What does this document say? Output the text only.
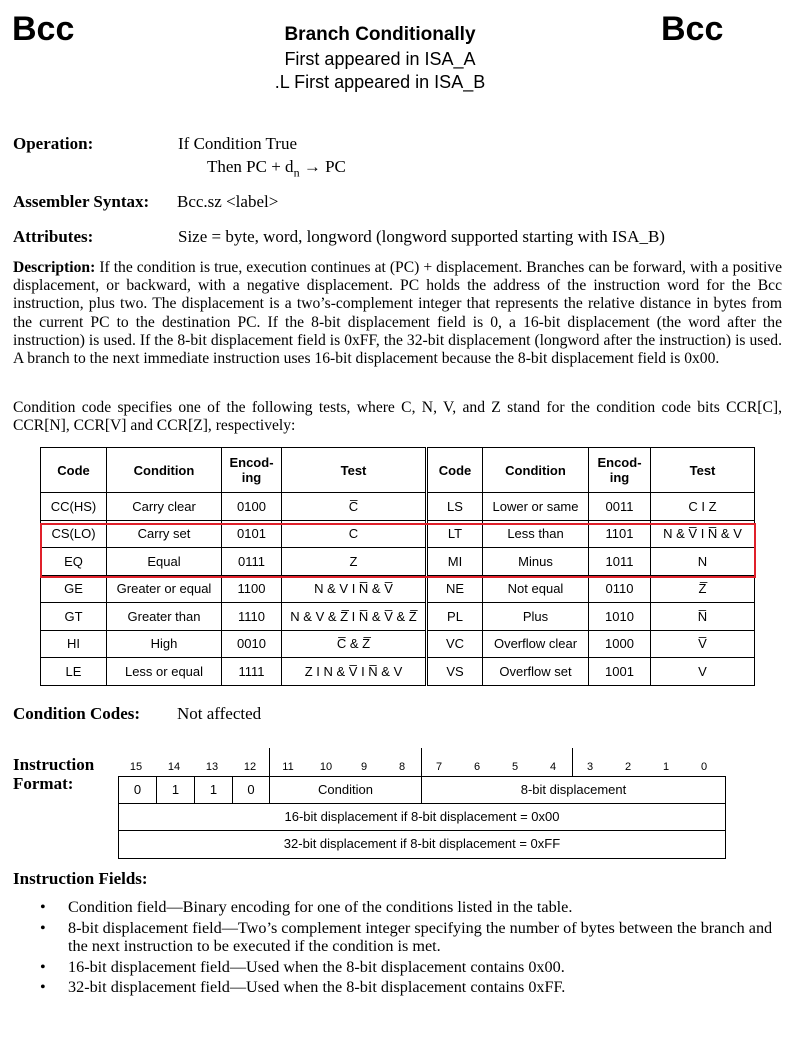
Bcc	Bcc
Branch Conditionally
First appeared in ISA_A
.L First appeared in ISA_B
Operation:	If Condition True
Then PC + $d_n$ → PC
Assembler Syntax: Bcc.sz <label>
Attributes:	Size = byte, word, longword (longword supported starting with ISA_B)
Description: If the condition is true, execution continues at (PC) + displacement. Branches can be forward, with a positive displacement, or backward, with a negative displacement. PC holds the address of the instruction word for the Bcc instruction, plus two. The displacement is a two’s-complement integer that represents the relative distance in bytes from the current PC to the destination PC. If the 8-bit displacement field is 0, a 16-bit displacement (the word after the instruction) is used. If the 8-bit displacement field is 0xFF, the 32-bit displacement (longword after the instruction) is used. A branch to the next immediate instruction uses 16-bit displacement because the 8-bit displacement field is 0x00.
Condition code specifies one of the following tests, where C, N, V, and Z stand for the condition code bits CCR[C], CCR[N], CCR[V] and CCR[Z], respectively:
Code	Condition	Encod-ing	Test	Code	Condition	Encod-ing	Test
CC(HS)	Carry clear	0100	C̅	LS	Lower or same	0011	C I Z
CS(LO)	Carry set	0101	C	LT	Less than	1101	N & V̅ I N̅ & V
EQ	Equal	0111	Z	MI	Minus	1011	N
GE	Greater or equal	1100	N & V I N̅ & V̅	NE	Not equal	0110	Z̅
GT	Greater than	1110	N & V & Z̅ I N̅ & V̅ & Z̅	PL	Plus	1010	N̅
HI	High	0010	C̅ & Z̅	VC	Overflow clear	1000	V̅
LE	Less or equal	1111	Z I N & V̅ I N̅ & V	VS	Overflow set	1001	V
Condition Codes: Not affected
Instruction
Format:
15	14	13	12	11	10	9	8	7	6	5	4	3	2	1	0
0	1	1	0	Condition	8-bit displacement
16-bit displacement if 8-bit displacement = 0x00
32-bit displacement if 8-bit displacement = 0xFF
Instruction Fields:
• Condition field—Binary encoding for one of the conditions listed in the table.
• 8-bit displacement field—Two’s complement integer specifying the number of bytes between the branch and the next instruction to be executed if the condition is met.
• 16-bit displacement field—Used when the 8-bit displacement contains 0x00.
• 32-bit displacement field—Used when the 8-bit displacement contains 0xFF.
